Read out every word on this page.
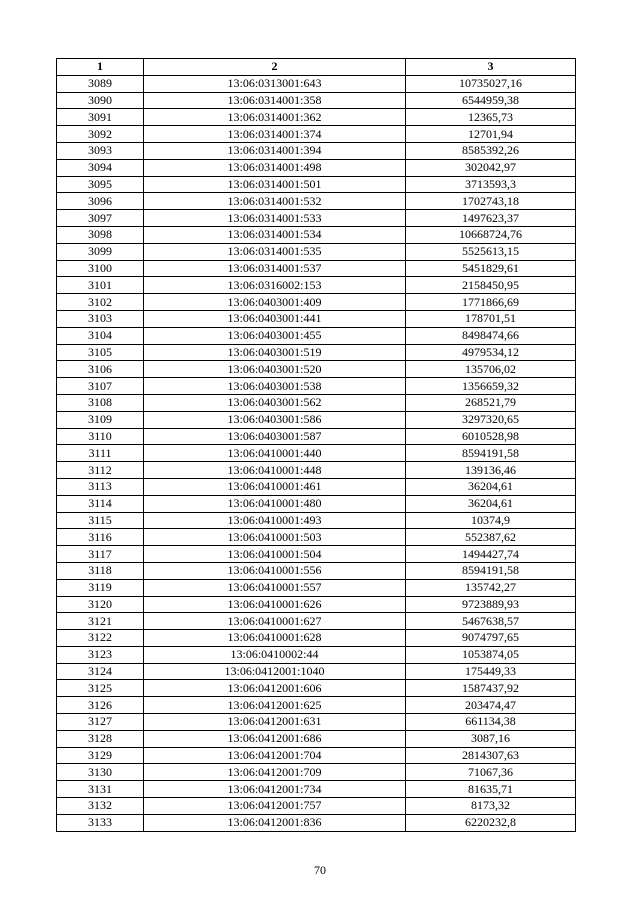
1	2	3
3089	13:06:0313001:643	10735027,16
3090	13:06:0314001:358	6544959,38
3091	13:06:0314001:362	12365,73
3092	13:06:0314001:374	12701,94
3093	13:06:0314001:394	8585392,26
3094	13:06:0314001:498	302042,97
3095	13:06:0314001:501	3713593,3
3096	13:06:0314001:532	1702743,18
3097	13:06:0314001:533	1497623,37
3098	13:06:0314001:534	10668724,76
3099	13:06:0314001:535	5525613,15
3100	13:06:0314001:537	5451829,61
3101	13:06:0316002:153	2158450,95
3102	13:06:0403001:409	1771866,69
3103	13:06:0403001:441	178701,51
3104	13:06:0403001:455	8498474,66
3105	13:06:0403001:519	4979534,12
3106	13:06:0403001:520	135706,02
3107	13:06:0403001:538	1356659,32
3108	13:06:0403001:562	268521,79
3109	13:06:0403001:586	3297320,65
3110	13:06:0403001:587	6010528,98
3111	13:06:0410001:440	8594191,58
3112	13:06:0410001:448	139136,46
3113	13:06:0410001:461	36204,61
3114	13:06:0410001:480	36204,61
3115	13:06:0410001:493	10374,9
3116	13:06:0410001:503	552387,62
3117	13:06:0410001:504	1494427,74
3118	13:06:0410001:556	8594191,58
3119	13:06:0410001:557	135742,27
3120	13:06:0410001:626	9723889,93
3121	13:06:0410001:627	5467638,57
3122	13:06:0410001:628	9074797,65
3123	13:06:0410002:44	1053874,05
3124	13:06:0412001:1040	175449,33
3125	13:06:0412001:606	1587437,92
3126	13:06:0412001:625	203474,47
3127	13:06:0412001:631	661134,38
3128	13:06:0412001:686	3087,16
3129	13:06:0412001:704	2814307,63
3130	13:06:0412001:709	71067,36
3131	13:06:0412001:734	81635,71
3132	13:06:0412001:757	8173,32
3133	13:06:0412001:836	6220232,8
70
